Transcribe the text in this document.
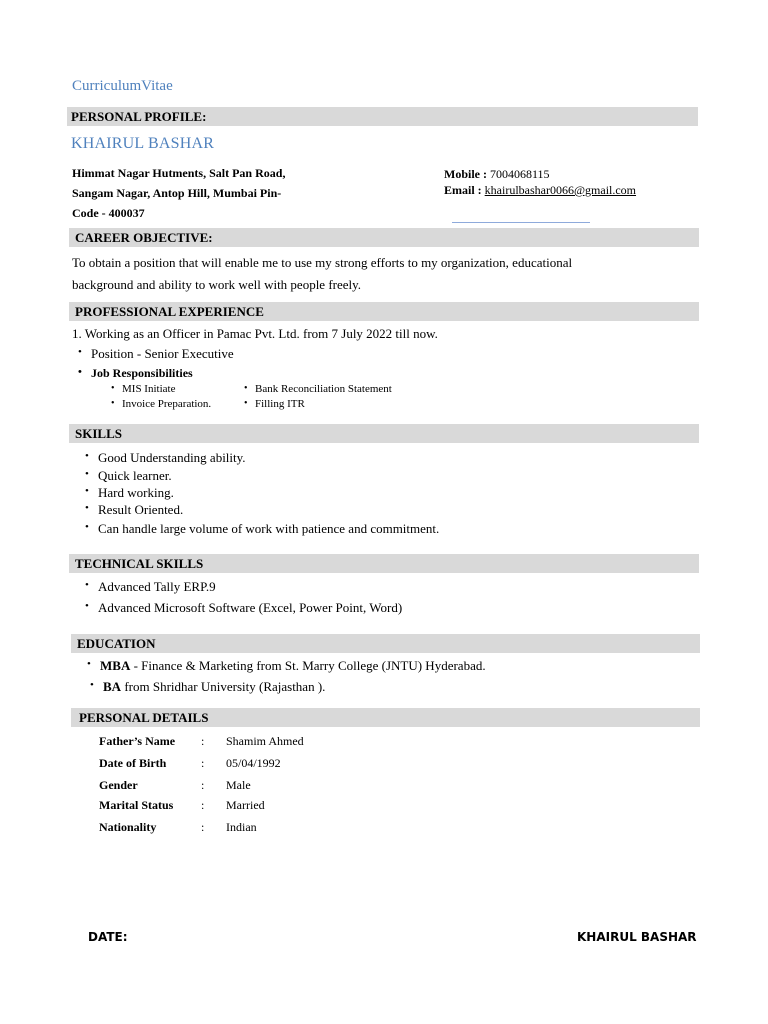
CurriculumVitae
PERSONAL PROFILE:
KHAIRUL BASHAR
Himmat Nagar Hutments, Salt Pan Road,
Sangam Nagar, Antop Hill, Mumbai Pin-
Code - 400037
Mobile : 7004068115
Email : khairulbashar0066@gmail.com
CAREER OBJECTIVE:
To obtain a position that will enable me to use my strong efforts to my organization, educational
background and ability to work well with people freely.
PROFESSIONAL EXPERIENCE
1. Working as an Officer in Pamac Pvt. Ltd. from 7 July 2022 till now.
• Position - Senior Executive
• Job Responsibilities
• MIS Initiate
• Invoice Preparation.
• Bank Reconciliation Statement
• Filling ITR
SKILLS
• Good Understanding ability.
• Quick learner.
• Hard working.
• Result Oriented.
• Can handle large volume of work with patience and commitment.
TECHNICAL SKILLS
• Advanced Tally ERP.9
• Advanced Microsoft Software (Excel, Power Point, Word)
EDUCATION
• MBA - Finance & Marketing from St. Marry College (JNTU) Hyderabad.
• BA from Shridhar University (Rajasthan ).
PERSONAL DETAILS
Father’s Name : Shamim Ahmed
Date of Birth	: 05/04/1992
Gender	: Male
Marital Status : Married
Nationality	: Indian
DATE:	KHAIRUL BASHAR
